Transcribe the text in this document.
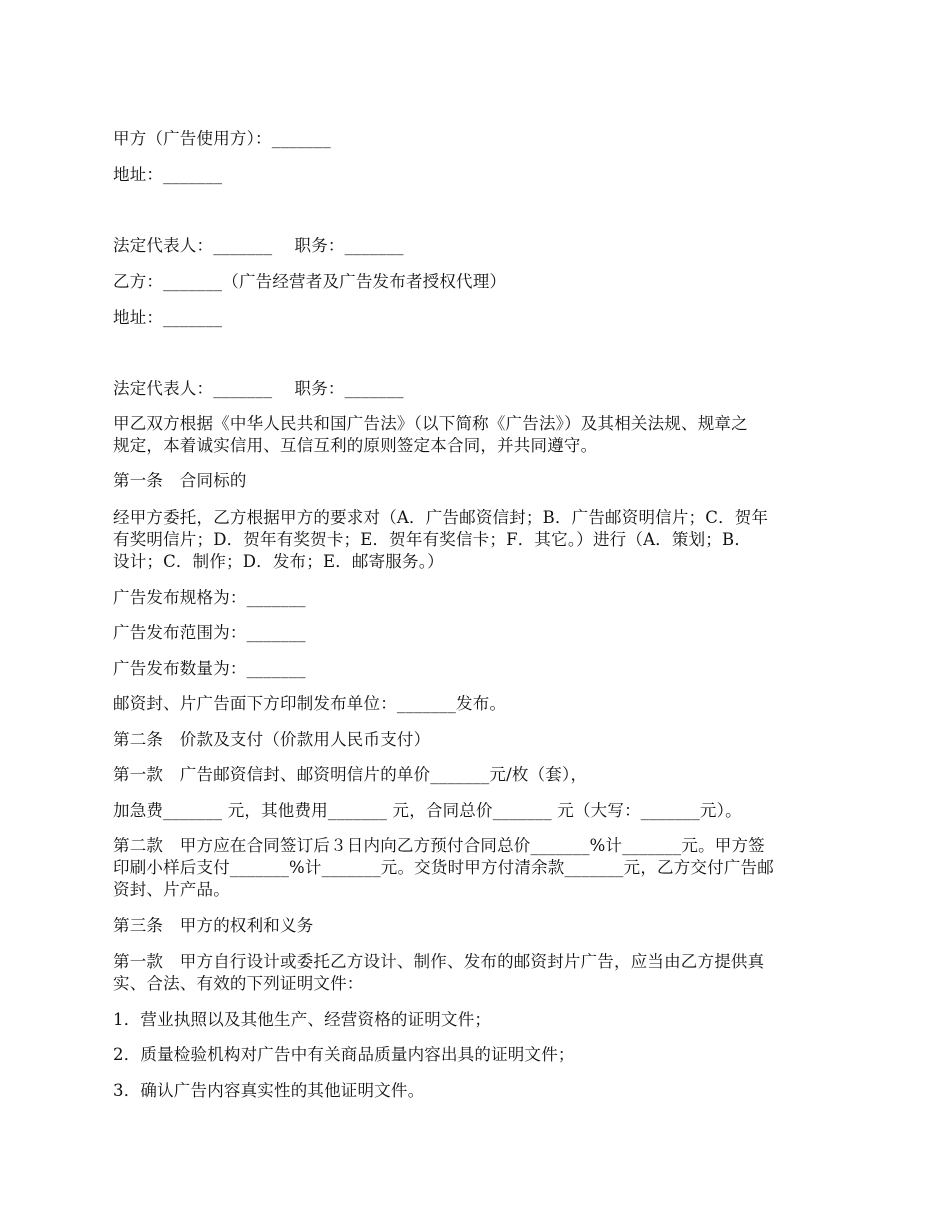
甲方（广告使用方）：_______
地址：_______
法定代表人：_______　 职务：_______
乙方：_______（广告经营者及广告发布者授权代理）
地址：_______
法定代表人：_______　 职务：_______
甲乙双方根据《中华人民共和国广告法》（以下简称《广告法》）及其相关法规、规章之
规定，本着诚实信用、互信互利的原则签定本合同，并共同遵守。
第一条　合同标的
经甲方委托，乙方根据甲方的要求对（A．广告邮资信封；B．广告邮资明信片；C．贺年
有奖明信片；D．贺年有奖贺卡；E．贺年有奖信卡；F．其它。）进行（A．策划；B．
设计；C．制作；D．发布；E．邮寄服务。）
广告发布规格为：_______
广告发布范围为：_______
广告发布数量为：_______
邮资封、片广告面下方印制发布单位：_______发布。
第二条　价款及支付（价款用人民币支付）
第一款　广告邮资信封、邮资明信片的单价_______元/枚（套），
加急费_______ 元，其他费用_______ 元，合同总价_______ 元（大写：_______元）。
第二款　甲方应在合同签订后３日内向乙方预付合同总价_______%计_______元。甲方签
印刷小样后支付_______%计_______元。交货时甲方付清余款_______元，乙方交付广告邮
资封、片产品。
第三条　甲方的权利和义务
第一款　甲方自行设计或委托乙方设计、制作、发布的邮资封片广告，应当由乙方提供真
实、合法、有效的下列证明文件：
1．营业执照以及其他生产、经营资格的证明文件；
2．质量检验机构对广告中有关商品质量内容出具的证明文件；
3．确认广告内容真实性的其他证明文件。
